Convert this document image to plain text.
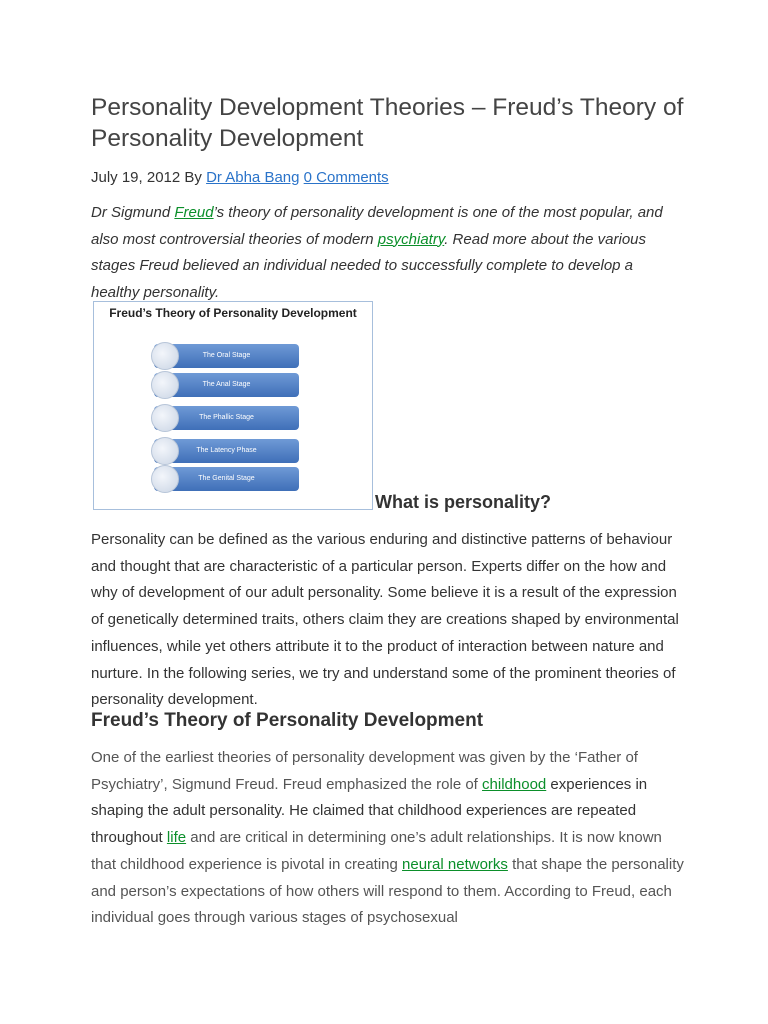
Personality Development Theories – Freud’s Theory of Personality Development
July 19, 2012 By Dr Abha Bang 0 Comments
Dr Sigmund Freud’s theory of personality development is one of the most popular, and also most controversial theories of modern psychiatry. Read more about the various stages Freud believed an individual needed to successfully complete to develop a healthy personality.
Personality can be defined as the various enduring and distinctive patterns of behaviour and thought that are characteristic of a particular person. Experts differ on the how and why of development of our adult personality. Some believe it is a result of the expression of genetically determined traits, others claim they are creations shaped by environmental influences, while yet others attribute it to the product of interaction between nature and nurture. In the following series, we try and understand some of the prominent theories of personality development.
Freud’s Theory of Personality Development
One of the earliest theories of personality development was given by the ‘Father of Psychiatry’, Sigmund Freud. Freud emphasized the role of childhood experiences in shaping the adult personality. He claimed that childhood experiences are repeated throughout life and are critical in determining one’s adult relationships. It is now known that childhood experience is pivotal in creating neural networks that shape the personality and person’s expectations of how others will respond to them. According to Freud, each individual goes through various stages of psychosexual
Freud’s Theory of Personality Development
The Oral Stage
The Anal Stage
The Phallic Stage
The Latency Phase
The Genital Stage
What is personality?
